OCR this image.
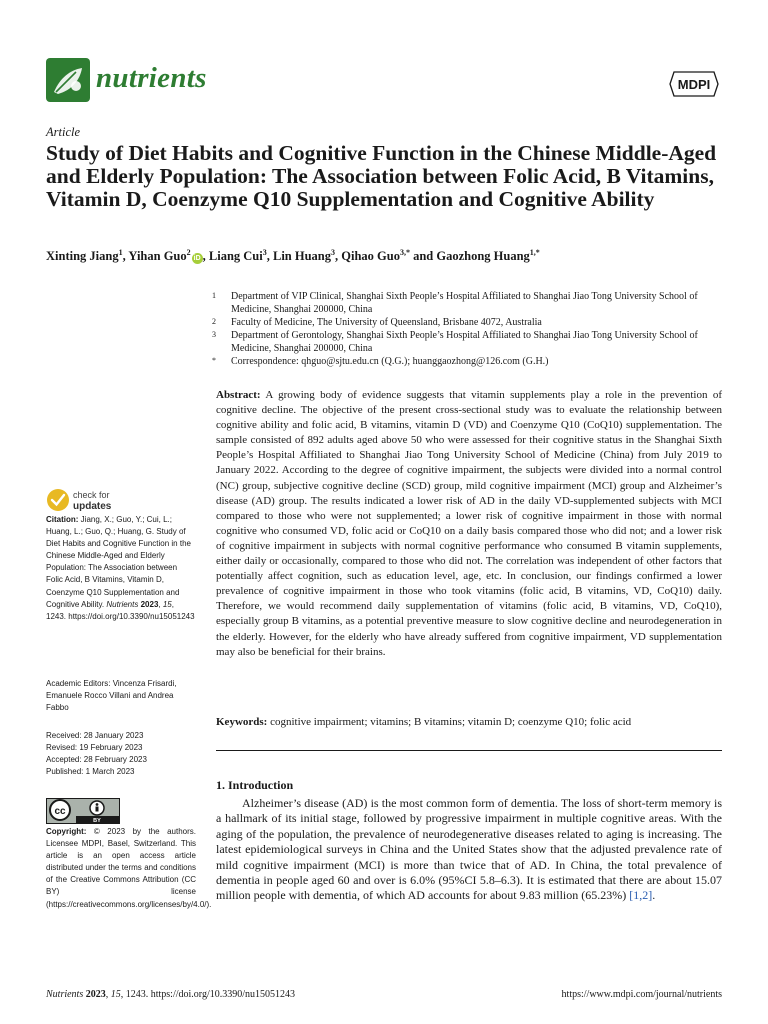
nutrients	MDPI
Article
Study of Diet Habits and Cognitive Function in the Chinese Middle-Aged and Elderly Population: The Association between Folic Acid, B Vitamins, Vitamin D, Coenzyme Q10 Supplementation and Cognitive Ability
Xinting Jiang$^1$, Yihan Guo$^2$iD , Liang Cui$^3$, Lin Huang$^3$, Qihao Guo$^{3,*}$ and Gaozhong Huang$^{1,*}$
1	Department of VIP Clinical, Shanghai Sixth People’s Hospital Affiliated to Shanghai Jiao Tong University School of Medicine, Shanghai 200000, China
2	Faculty of Medicine, The University of Queensland, Brisbane 4072, Australia
3	Department of Gerontology, Shanghai Sixth People’s Hospital Affiliated to Shanghai Jiao Tong University School of Medicine, Shanghai 200000, China
*	Correspondence: qhguo@sjtu.edu.cn (Q.G.); huanggaozhong@126.com (G.H.)
Abstract: A growing body of evidence suggests that vitamin supplements play a role in the prevention of cognitive decline. The objective of the present cross-sectional study was to evaluate the relationship between cognitive ability and folic acid, B vitamins, vitamin D (VD) and Coenzyme Q10 (CoQ10) supplementation. The sample consisted of 892 adults aged above 50 who were assessed for their cognitive status in the Shanghai Sixth People’s Hospital Affiliated to Shanghai Jiao Tong University School of Medicine (China) from July 2019 to January 2022. According to the degree of cognitive impairment, the subjects were divided into a normal control (NC) group, subjective cognitive decline (SCD) group, mild cognitive impairment (MCI) group and Alzheimer’s disease (AD) group. The results indicated a lower risk of AD in the daily VD-supplemented subjects with MCI compared to those who were not supplemented; a lower risk of cognitive impairment in those with normal cognitive who consumed VD, folic acid or CoQ10 on a daily basis compared those who did not; and a lower risk of cognitive impairment in subjects with normal cognitive performance who consumed B vitamin supplements, either daily or occasionally, compared to those who did not. The correlation was independent of other factors that potentially affect cognition, such as education level, age, etc. In conclusion, our findings confirmed a lower prevalence of cognitive impairment in those who took vitamins (folic acid, B vitamins, VD, CoQ10) daily. Therefore, we would recommend daily supplementation of vitamins (folic acid, B vitamins, VD, CoQ10), especially group B vitamins, as a potential preventive measure to slow cognitive decline and neurodegeneration in the elderly. However, for the elderly who have already suffered from cognitive impairment, VD supplementation may also be beneficial for their brains.
Keywords: cognitive impairment; vitamins; B vitamins; vitamin D; coenzyme Q10; folic acid
1. Introduction
Alzheimer’s disease (AD) is the most common form of dementia. The loss of short-term memory is a hallmark of its initial stage, followed by progressive impairment in multiple cognitive areas. With the aging of the population, the prevalence of neurodegenerative diseases related to aging is increasing. The latest epidemiological surveys in China and the United States show that the adjusted prevalence rate of mild cognitive impairment (MCI) is more than twice that of AD. In China, the total prevalence of dementia in people aged 60 and over is 6.0% (95%CI 5.8–6.3). It is estimated that there are about 15.07 million people with dementia, of which AD accounts for about 9.83 million (65.23%) [1,2].
check for
updates
Citation: Jiang, X.; Guo, Y.; Cui, L.; Huang, L.; Guo, Q.; Huang, G. Study of Diet Habits and Cognitive Function in the Chinese Middle-Aged and Elderly Population: The Association between Folic Acid, B Vitamins, Vitamin D, Coenzyme Q10 Supplementation and Cognitive Ability. Nutrients 2023, 15, 1243. https://doi.org/10.3390/nu15051243
Academic Editors: Vincenza Frisardi, Emanuele Rocco Villani and Andrea Fabbo
Received: 28 January 2023
Revised: 19 February 2023
Accepted: 28 February 2023
Published: 1 March 2023
cc
BY
Copyright: © 2023 by the authors. Licensee MDPI, Basel, Switzerland. This article is an open access article distributed under the terms and conditions of the Creative Commons Attribution (CC BY) license (https://creativecommons.org/licenses/by/4.0/).
Nutrients 2023, 15, 1243. https://doi.org/10.3390/nu15051243	https://www.mdpi.com/journal/nutrients
